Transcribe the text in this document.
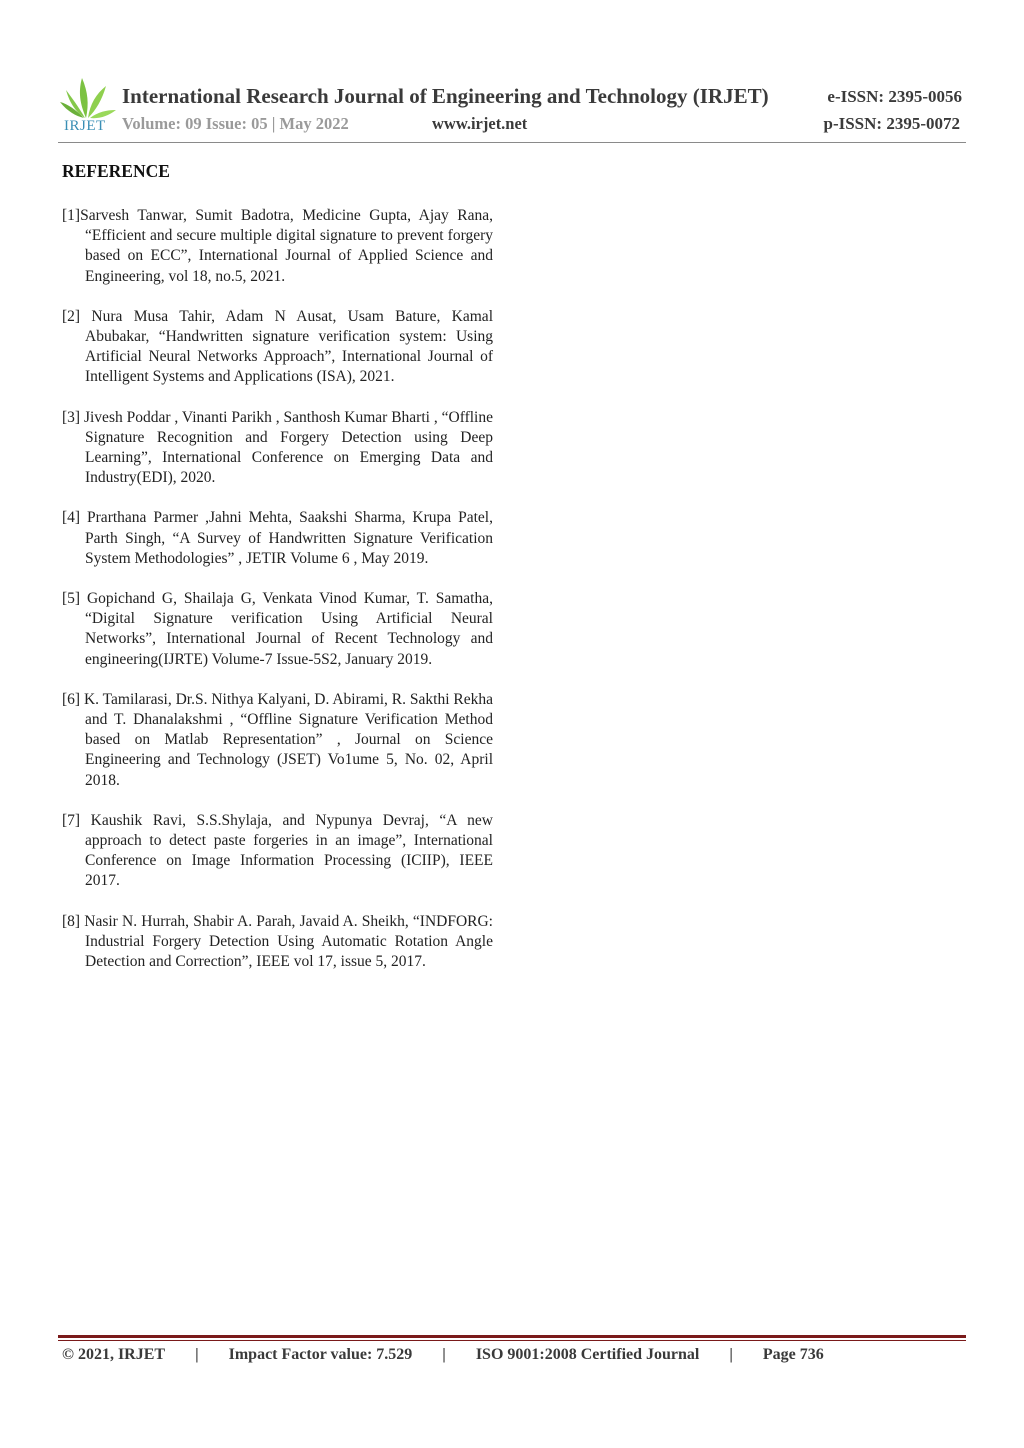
IRJET
International Research Journal of Engineering and Technology (IRJET)	e-ISSN: 2395-0056
Volume: 09 Issue: 05 | May 2022	www.irjet.net	p-ISSN: 2395-0072
REFERENCE

[1]Sarvesh Tanwar, Sumit Badotra, Medicine Gupta, Ajay Rana, “Efficient and secure multiple digital signature to prevent forgery based on ECC”, International Journal of Applied Science and Engineering, vol 18, no.5, 2021.

[2] Nura Musa Tahir, Adam N Ausat, Usam Bature, Kamal Abubakar, “Handwritten signature verification system: Using Artificial Neural Networks Approach”, International Journal of Intelligent Systems and Applications (ISA), 2021.

[3] Jivesh Poddar , Vinanti Parikh , Santhosh Kumar Bharti , “Offline Signature Recognition and Forgery Detection using Deep Learning”, International Conference on Emerging Data and Industry(EDI), 2020.

[4] Prarthana Parmer ,Jahni Mehta, Saakshi Sharma, Krupa Patel, Parth Singh, “A Survey of Handwritten Signature Verification System Methodologies” , JETIR Volume 6 , May 2019.

[5] Gopichand G, Shailaja G, Venkata Vinod Kumar, T. Samatha, “Digital Signature verification Using Artificial Neural Networks”, International Journal of Recent Technology and engineering(IJRTE) Volume-7 Issue-5S2, January 2019.

[6] K. Tamilarasi, Dr.S. Nithya Kalyani, D. Abirami, R. Sakthi Rekha and T. Dhanalakshmi , “Offline Signature Verification Method based on Matlab Representation” , Journal on Science Engineering and Technology (JSET) Vo1ume 5, No. 02, April 2018.

[7] Kaushik Ravi, S.S.Shylaja, and Nypunya Devraj, “A new approach to detect paste forgeries in an image”, International Conference on Image Information Processing (ICIIP), IEEE 2017.

[8] Nasir N. Hurrah, Shabir A. Parah, Javaid A. Sheikh, “INDFORG: Industrial Forgery Detection Using Automatic Rotation Angle Detection and Correction”, IEEE vol 17, issue 5, 2017.

© 2021, IRJET | Impact Factor value: 7.529 | ISO 9001:2008 Certified Journal | Page 736
